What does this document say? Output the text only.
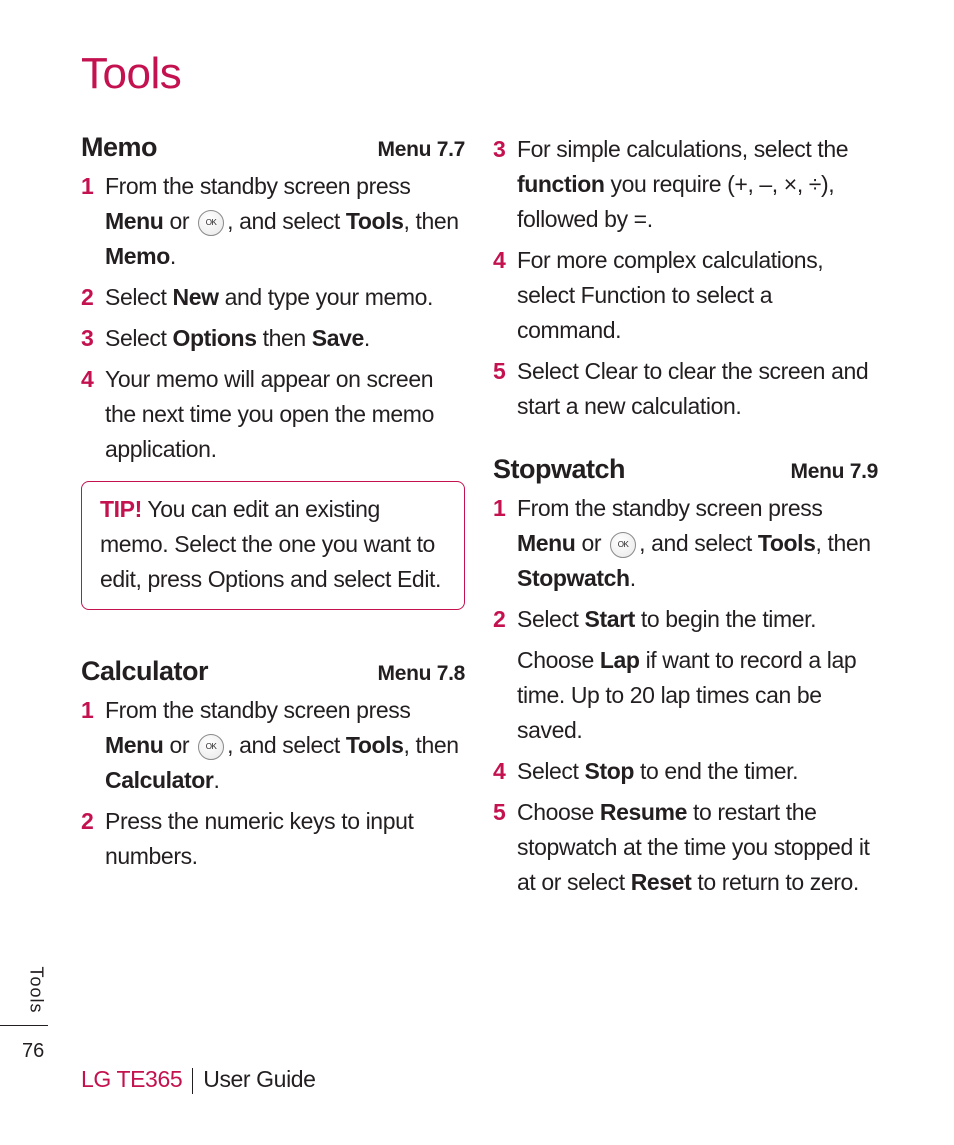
Tools
Memo	Menu 7.7
1 From the standby screen press Menu or OK , and select Tools, then Memo.
2 Select New and type your memo.
3 Select Options then Save.
4 Your memo will appear on screen the next time you open the memo application.
TIP! You can edit an existing memo. Select the one you want to edit, press Options and select Edit.
Calculator	Menu 7.8
1 From the standby screen press Menu or OK , and select Tools, then Calculator.
2 Press the numeric keys to input numbers.
3 For simple calculations, select the function you require (+, –, ×, ÷), followed by =.
4 For more complex calculations, select Function to select a command.
5 Select Clear to clear the screen and start a new calculation.
Stopwatch	Menu 7.9
1 From the standby screen press Menu or OK , and select Tools, then Stopwatch.
2 Select Start to begin the timer.
Choose Lap if want to record a lap time. Up to 20 lap times can be saved.
4 Select Stop to end the timer.
5 Choose Resume to restart the stopwatch at the time you stopped it at or select Reset to return to zero.
Tools
76
LG TE365 User Guide
